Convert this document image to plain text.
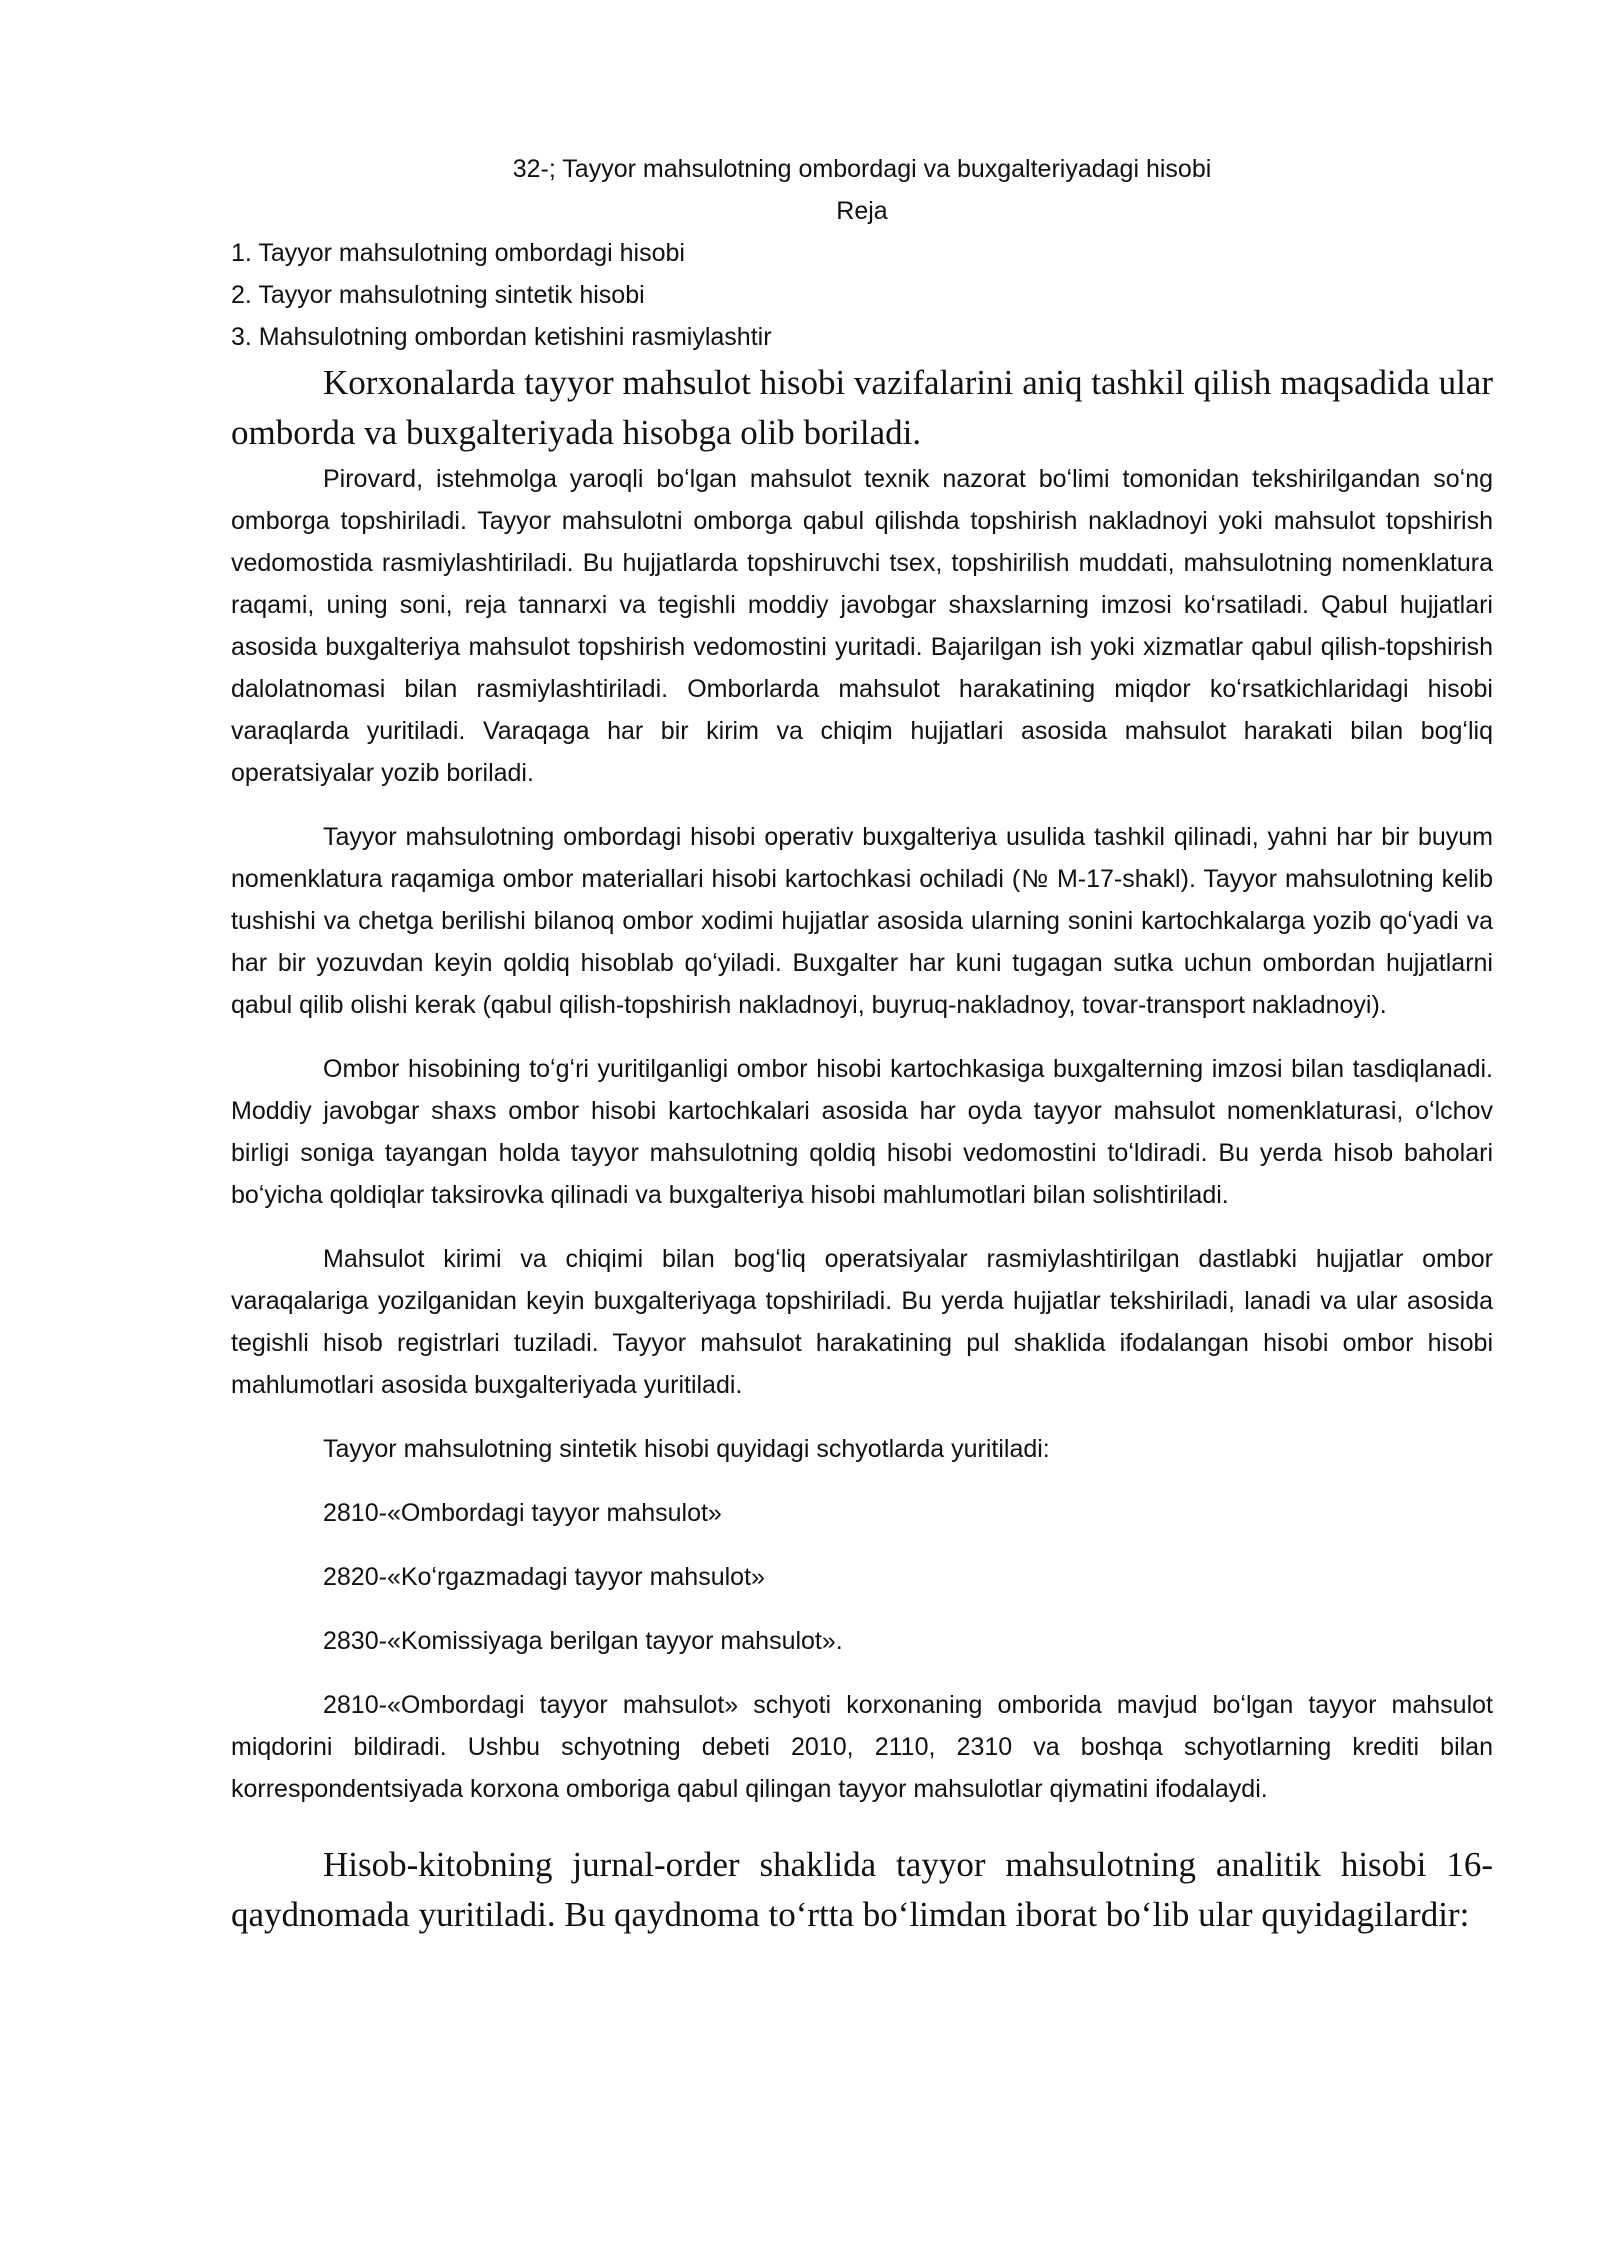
32-; Tayyor mahsulotning ombordagi va buxgalteriyadagi hisobi

Reja

1. Tayyor mahsulotning ombordagi hisobi

2. Tayyor mahsulotning sintetik hisobi

3. Mahsulotning ombordan ketishini rasmiylashtir

Korxonalarda tayyor mahsulot hisobi vazifalarini aniq tashkil qilish maqsadida ular omborda va buxgalteriyada hisobga olib boriladi.

Pirovard, istehmolga yaroqli boʻlgan mahsulot texnik nazorat boʻlimi tomonidan tekshirilgandan soʻng omborga topshiriladi. Tayyor mahsulotni omborga qabul qilishda topshirish nakladnoyi yoki mahsulot topshirish vedomostida rasmiylashtiriladi. Bu hujjatlarda topshiruvchi tsex, topshirilish muddati, mahsulotning nomenklatura raqami, uning soni, reja tannarxi va tegishli moddiy javobgar shaxslarning imzosi koʻrsatiladi. Qabul hujjatlari asosida buxgalteriya mahsulot topshirish vedomostini yuritadi. Bajarilgan ish yoki xizmatlar qabul qilish-topshirish dalolatnomasi bilan rasmiylashtiriladi. Omborlarda mahsulot harakatining miqdor koʻrsatkichlaridagi hisobi varaqlarda yuritiladi. Varaqaga har bir kirim va chiqim hujjatlari asosida mahsulot harakati bilan bogʻliq operatsiyalar yozib boriladi.

Tayyor mahsulotning ombordagi hisobi operativ buxgalteriya usulida tashkil qilinadi, yahni har bir buyum nomenklatura raqamiga ombor materiallari hisobi kartochkasi ochiladi (№ M-17-shakl). Tayyor mahsulotning kelib tushishi va chetga berilishi bilanoq ombor xodimi hujjatlar asosida ularning sonini kartochkalarga yozib qoʻyadi va har bir yozuvdan keyin qoldiq hisoblab qoʻyiladi. Buxgalter har kuni tugagan sutka uchun ombordan hujjatlarni qabul qilib olishi kerak (qabul qilish-topshirish nakladnoyi, buyruq-nakladnoy, tovar-transport nakladnoyi).

Ombor hisobining toʻgʻri yuritilganligi ombor hisobi kartochkasiga buxgalterning imzosi bilan tasdiqlanadi. Moddiy javobgar shaxs ombor hisobi kartochkalari asosida har oyda tayyor mahsulot nomenklaturasi, oʻlchov birligi soniga tayangan holda tayyor mahsulotning qoldiq hisobi vedomostini toʻldiradi. Bu yerda hisob baholari boʻyicha qoldiqlar taksirovka qilinadi va buxgalteriya hisobi mahlumotlari bilan solishtiriladi.

Mahsulot kirimi va chiqimi bilan bogʻliq operatsiyalar rasmiylashtirilgan dastlabki hujjatlar ombor varaqalariga yozilganidan keyin buxgalteriyaga topshiriladi. Bu yerda hujjatlar tekshiriladi, lanadi va ular asosida tegishli hisob registrlari tuziladi. Tayyor mahsulot harakatining pul shaklida ifodalangan hisobi ombor hisobi mahlumotlari asosida buxgalteriyada yuritiladi.

Tayyor mahsulotning sintetik hisobi quyidagi schyotlarda yuritiladi:

2810-«Ombordagi tayyor mahsulot»

2820-«Koʻrgazmadagi tayyor mahsulot»

2830-«Komissiyaga berilgan tayyor mahsulot».

2810-«Ombordagi tayyor mahsulot» schyoti korxonaning omborida mavjud boʻlgan tayyor mahsulot miqdorini bildiradi. Ushbu schyotning debeti 2010, 2110, 2310 va boshqa schyotlarning krediti bilan korrespondentsiyada korxona omboriga qabul qilingan tayyor mahsulotlar qiymatini ifodalaydi.

Hisob-kitobning jurnal-order shaklida tayyor mahsulotning analitik hisobi 16-qaydnomada yuritiladi. Bu qaydnoma toʻrtta boʻlimdan iborat boʻlib ular quyidagilardir:
